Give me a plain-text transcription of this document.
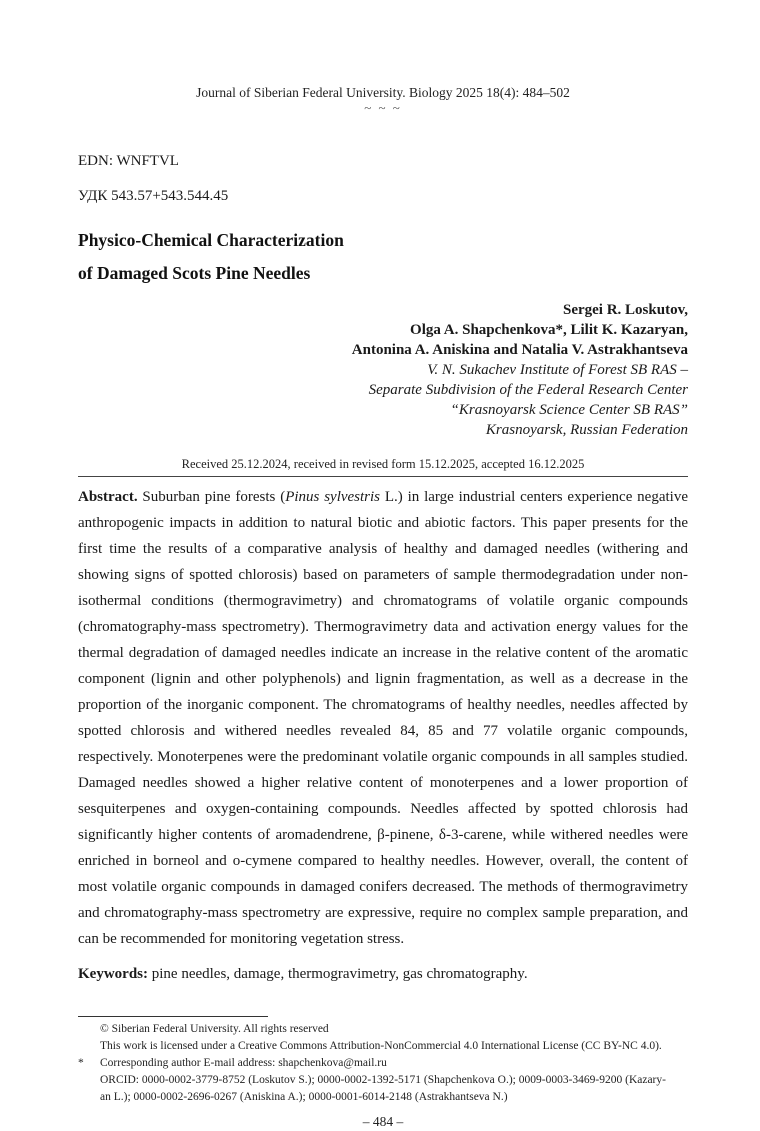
Journal of Siberian Federal University. Biology 2025 18(4): 484–502
~ ~ ~
EDN: WNFTVL
УДК 543.57+543.544.45
Physico-Chemical Characterization
of Damaged Scots Pine Needles
Sergei R. Loskutov,
Olga A. Shapchenkova*, Lilit K. Kazaryan,
Antonina A. Aniskina and Natalia V. Astrakhantseva
V. N. Sukachev Institute of Forest SB RAS –
Separate Subdivision of the Federal Research Center
“Krasnoyarsk Science Center SB RAS”
Krasnoyarsk, Russian Federation
Received 25.12.2024, received in revised form 15.12.2025, accepted 16.12.2025

Abstract. Suburban pine forests (Pinus sylvestris L.) in large industrial centers experience negative anthropogenic impacts in addition to natural biotic and abiotic factors. This paper presents for the first time the results of a comparative analysis of healthy and damaged needles (withering and showing signs of spotted chlorosis) based on parameters of sample thermodegradation under non-isothermal conditions (thermogravimetry) and chromatograms of volatile organic compounds (chromatography-mass spectrometry). Thermogravimetry data and activation energy values for the thermal degradation of damaged needles indicate an increase in the relative content of the aromatic component (lignin and other polyphenols) and lignin fragmentation, as well as a decrease in the proportion of the inorganic component. The chromatograms of healthy needles, needles affected by spotted chlorosis and withered needles revealed 84, 85 and 77 volatile organic compounds, respectively. Monoterpenes were the predominant volatile organic compounds in all samples studied. Damaged needles showed a higher relative content of monoterpenes and a lower proportion of sesquiterpenes and oxygen-containing compounds. Needles affected by spotted chlorosis had significantly higher contents of aromadendrene, β-pinene, δ-3-carene, while withered needles were enriched in borneol and o-cymene compared to healthy needles. However, overall, the content of most volatile organic compounds in damaged conifers decreased. The methods of thermogravimetry and chromatography-mass spectrometry are expressive, require no complex sample preparation, and can be recommended for monitoring vegetation stress.

Keywords: pine needles, damage, thermogravimetry, gas chromatography.
© Siberian Federal University. All rights reserved
This work is licensed under a Creative Commons Attribution-NonCommercial 4.0 International License (CC BY-NC 4.0).
* Corresponding author E-mail address: shapchenkova@mail.ru
ORCID: 0000-0002-3779-8752 (Loskutov S.); 0000-0002-1392-5171 (Shapchenkova O.); 0009-0003-3469-9200 (Kazary-
an L.); 0000-0002-2696-0267 (Aniskina A.); 0000-0001-6014-2148 (Astrakhantseva N.)
– 484 –
